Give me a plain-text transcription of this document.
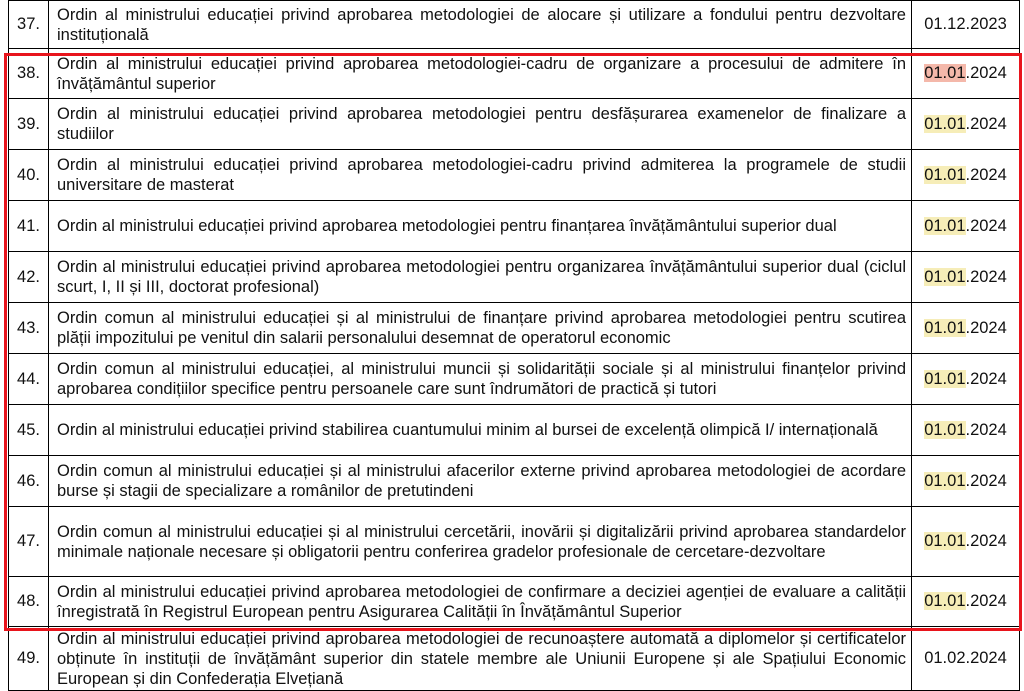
37.	Ordin al ministrului educației privind aprobarea metodologiei de alocare și utilizare a fondului pentru dezvoltare instituțională	01.12.2023
38.	Ordin al ministrului educației privind aprobarea metodologiei-cadru de organizare a procesului de admitere în învățământul superior	01.01.2024
39.	Ordin al ministrului educației privind aprobarea metodologiei pentru desfășurarea examenelor de finalizare a studiilor	01.01.2024
40.	Ordin al ministrului educației privind aprobarea metodologiei-cadru privind admiterea la programele de studii universitare de masterat	01.01.2024
41.	Ordin al ministrului educației privind aprobarea metodologiei pentru finanțarea învățământului superior dual	01.01.2024
42.	Ordin al ministrului educației privind aprobarea metodologiei pentru organizarea învățământului superior dual (ciclul scurt, I, II și III, doctorat profesional)	01.01.2024
43.	Ordin comun al ministrului educației și al ministrului de finanțare privind aprobarea metodologiei pentru scutirea plății impozitului pe venitul din salarii personalului desemnat de operatorul economic	01.01.2024
44.	Ordin comun al ministrului educației, al ministrului muncii și solidarității sociale și al ministrului finanțelor privind aprobarea condițiilor specifice pentru persoanele care sunt îndrumători de practică și tutori	01.01.2024
45.	Ordin al ministrului educației privind stabilirea cuantumului minim al bursei de excelență olimpică I/ internațională	01.01.2024
46.	Ordin comun al ministrului educației și al ministrului afacerilor externe privind aprobarea metodologiei de acordare burse și stagii de specializare a românilor de pretutindeni	01.01.2024
47.	Ordin comun al ministrului educației și al ministrului cercetării, inovării și digitalizării privind aprobarea standardelor minimale naționale necesare și obligatorii pentru conferirea gradelor profesionale de cercetare-dezvoltare	01.01.2024
48.	Ordin al ministrului educației privind aprobarea metodologiei de confirmare a deciziei agenției de evaluare a calității înregistrată în Registrul European pentru Asigurarea Calității în Învățământul Superior	01.01.2024
49.	Ordin al ministrului educației privind aprobarea metodologiei de recunoaștere automată a diplomelor și certificatelor obținute în instituții de învățământ superior din statele membre ale Uniunii Europene și ale Spațiului Economic European și din Confederația Elvețiană	01.02.2024
